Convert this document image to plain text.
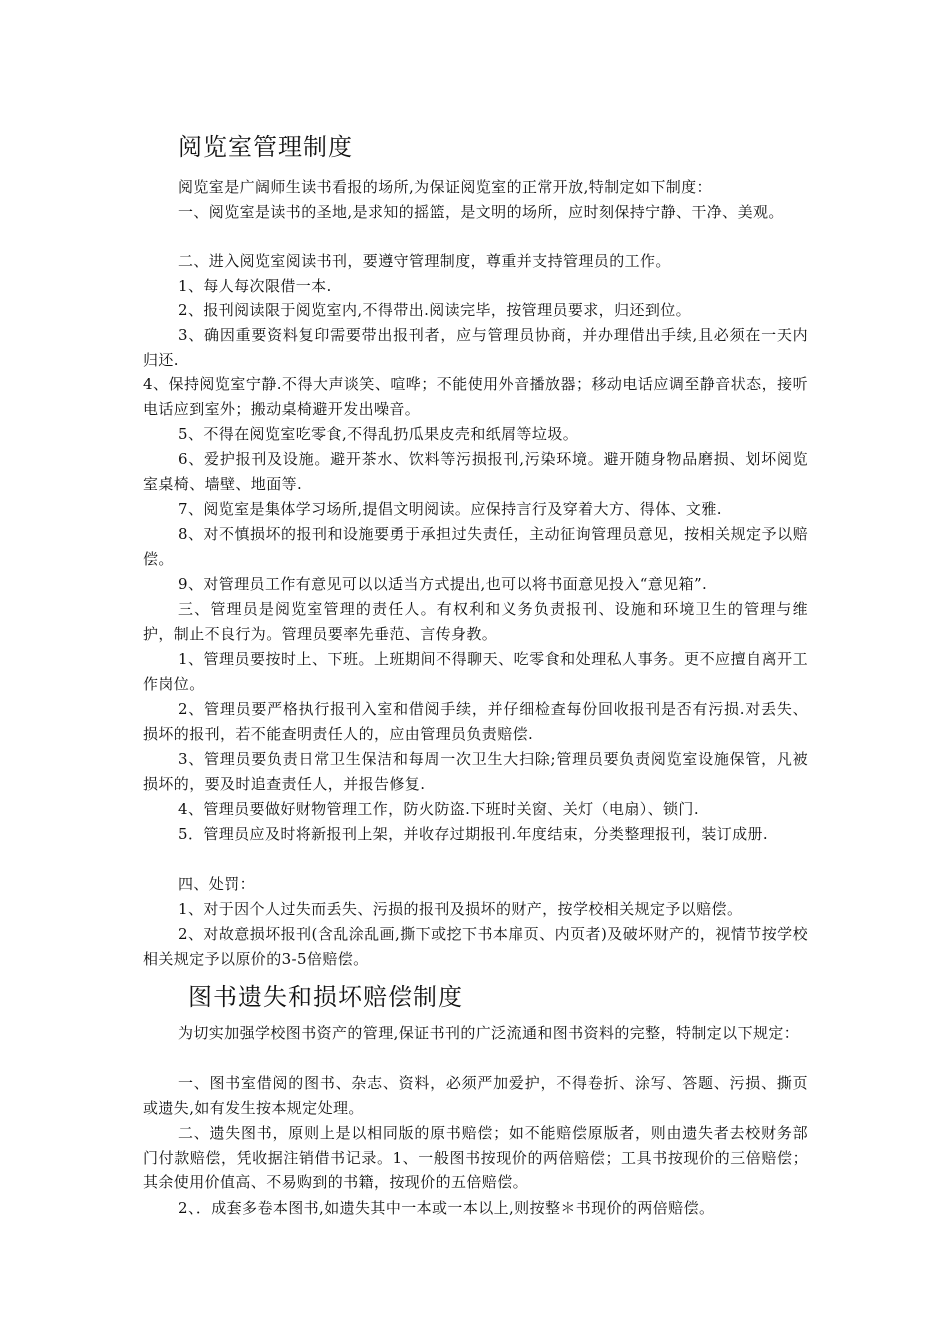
阅览室管理制度
阅览室是广阔师生读书看报的场所,为保证阅览室的正常开放,特制定如下制度：
一、阅览室是读书的圣地,是求知的摇篮，是文明的场所，应时刻保持宁静、干净、美观。
二、进入阅览室阅读书刊，要遵守管理制度，尊重并支持管理员的工作。
1、每人每次限借一本.
2、报刊阅读限于阅览室内,不得带出.阅读完毕，按管理员要求，归还到位。
3、确因重要资料复印需要带出报刊者，应与管理员协商，并办理借出手续,且必须在一天内归还.
4、保持阅览室宁静.不得大声谈笑、喧哗；不能使用外音播放器；移动电话应调至静音状态，接听电话应到室外；搬动桌椅避开发出噪音。
5、不得在阅览室吃零食,不得乱扔瓜果皮壳和纸屑等垃圾。
6、爱护报刊及设施。避开茶水、饮料等污损报刊,污染环境。避开随身物品磨损、划坏阅览室桌椅、墙壁、地面等.
7、阅览室是集体学习场所,提倡文明阅读。应保持言行及穿着大方、得体、文雅.
8、对不慎损坏的报刊和设施要勇于承担过失责任，主动征询管理员意见，按相关规定予以赔偿。
9、对管理员工作有意见可以以适当方式提出,也可以将书面意见投入“意见箱”.
三、管理员是阅览室管理的责任人。有权利和义务负责报刊、设施和环境卫生的管理与维护，制止不良行为。管理员要率先垂范、言传身教。
1、管理员要按时上、下班。上班期间不得聊天、吃零食和处理私人事务。更不应擅自离开工作岗位。
2、管理员要严格执行报刊入室和借阅手续，并仔细检查每份回收报刊是否有污损.对丢失、损坏的报刊，若不能查明责任人的，应由管理员负责赔偿.
3、管理员要负责日常卫生保洁和每周一次卫生大扫除;管理员要负责阅览室设施保管，凡被损坏的，要及时追查责任人，并报告修复.
4、管理员要做好财物管理工作，防火防盗.下班时关窗、关灯（电扇）、锁门.
5．管理员应及时将新报刊上架，并收存过期报刊.年度结束，分类整理报刊，装订成册.
四、处罚：
1、对于因个人过失而丢失、污损的报刊及损坏的财产，按学校相关规定予以赔偿。
2、对故意损坏报刊(含乱涂乱画,撕下或挖下书本扉页、内页者)及破坏财产的，视情节按学校相关规定予以原价的3-5倍赔偿。
图书遗失和损坏赔偿制度
为切实加强学校图书资产的管理,保证书刊的广泛流通和图书资料的完整，特制定以下规定：
一、图书室借阅的图书、杂志、资料，必须严加爱护，不得卷折、涂写、答题、污损、撕页或遗失,如有发生按本规定处理。
二、遗失图书，原则上是以相同版的原书赔偿；如不能赔偿原版者，则由遗失者去校财务部门付款赔偿，凭收据注销借书记录。1、一般图书按现价的两倍赔偿；工具书按现价的三倍赔偿；其余使用价值高、不易购到的书籍，按现价的五倍赔偿。
2、．成套多卷本图书,如遗失其中一本或一本以上,则按整＊书现价的两倍赔偿。
